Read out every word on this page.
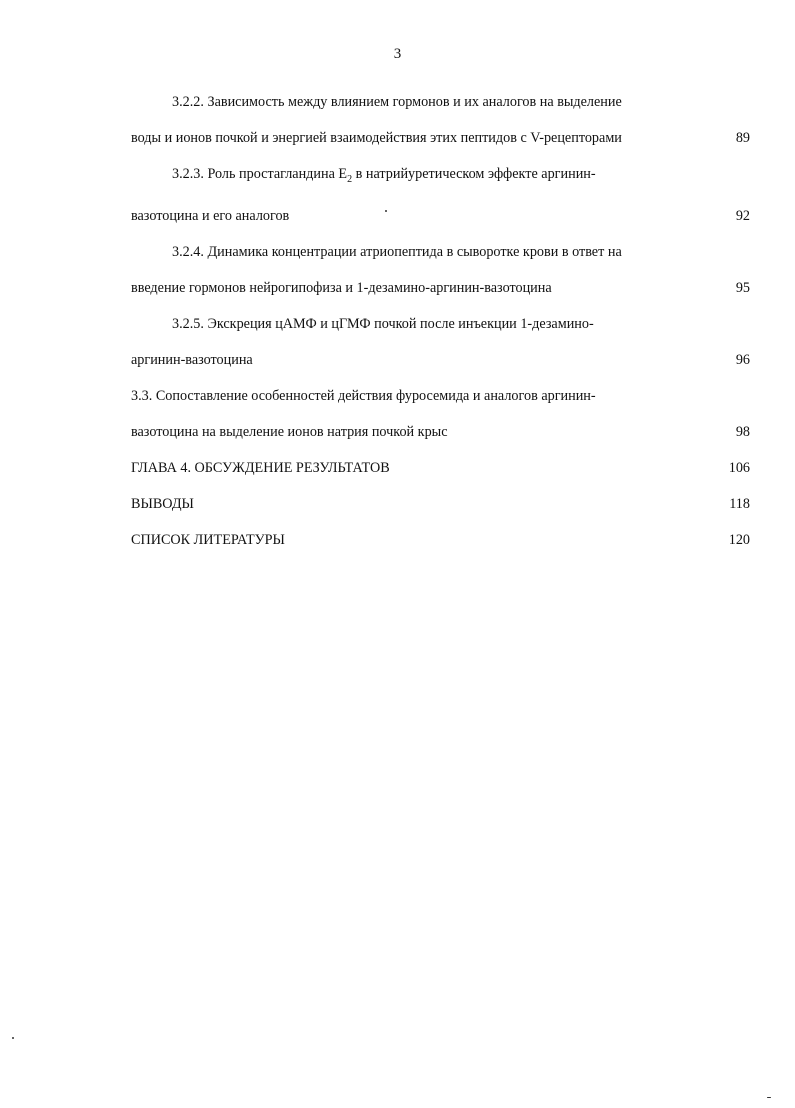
3
3.2.2. Зависимость между влиянием гормонов и их аналогов на выделение
воды и ионов почкой и энергией взаимодействия этих пептидов с V-рецепторами	89
3.2.3. Роль простагландина $E_2$ в натрийуретическом эффекте аргинин-
вазотоцина и его аналогов	92
3.2.4. Динамика концентрации атриопептида в сыворотке крови в ответ на
введение гормонов нейрогипофиза и 1-дезамино-аргинин-вазотоцина	95
3.2.5. Экскреция цАМФ и цГМФ почкой после инъекции 1-дезамино-
аргинин-вазотоцина	96
3.3. Сопоставление особенностей действия фуросемида и аналогов аргинин-
вазотоцина на выделение ионов натрия почкой крыс	98
ГЛАВА 4. ОБСУЖДЕНИЕ РЕЗУЛЬТАТОВ	106
ВЫВОДЫ	118
СПИСОК ЛИТЕРАТУРЫ	120
